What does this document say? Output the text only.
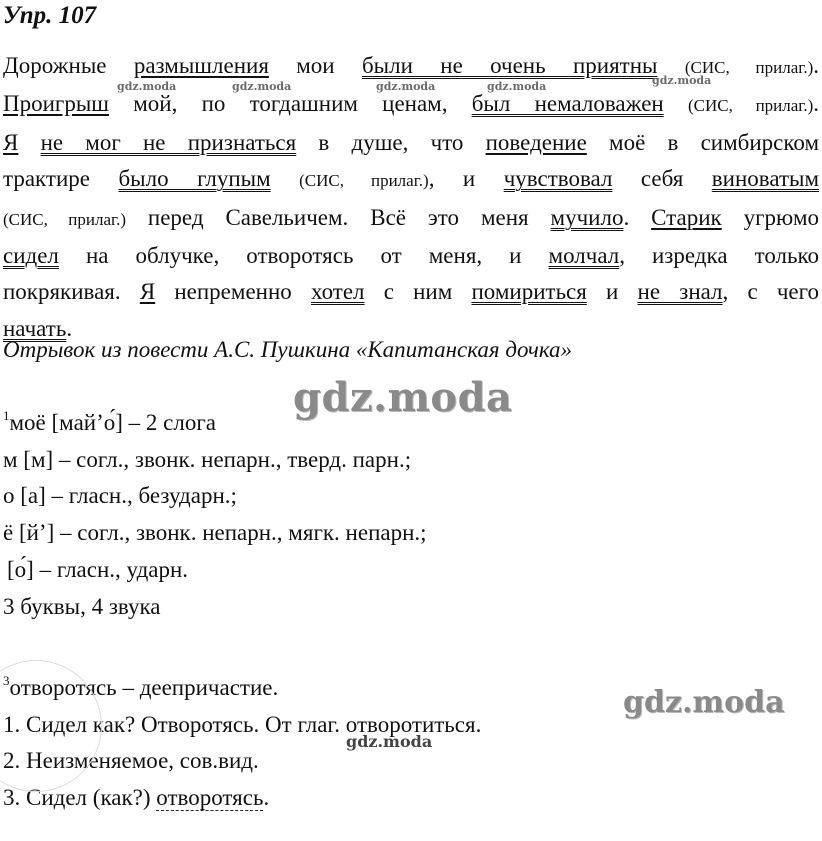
Упр. 107
Дорожные размышления мои были не очень приятны (СИС, прилаг.).
Проигрыш мой, по тогдашним ценам, был немаловажен (СИС, прилаг.).
Я не мог не признаться в душе, что поведение моё в симбирском
трактире было глупым (СИС, прилаг.), и чувствовал себя виноватым
(СИС, прилаг.) перед Савельичем. Всё это меня мучило. Старик угрюмо
сидел на облучке, отворотясь от меня, и молчал, изредка только
покрякивая. Я непременно хотел с ним помириться и не знал, с чего
начать.
Отрывок из повести А.С. Пушкина «Капитанская дочка»
$^1$моё [май’о́] – 2 слога
м [м] – согл., звонк. непарн., тверд. парн.;
о [а] – гласн., безударн.;
ё [й’] – согл., звонк. непарн., мягк. непарн.;
[о́] – гласн., ударн.
3 буквы, 4 звука
$^3$отворотясь – деепричастие.
1. Сидел как? Отворотясь. От глаг. отворотиться.
2. Неизменяемое, сов.вид.
3. Сидел (как?) отворотясь.
gdz.moda
gdz.moda
gdz.moda	gdz.moda	gdz.moda	gdz.moda	gdz.moda
gdz.moda
